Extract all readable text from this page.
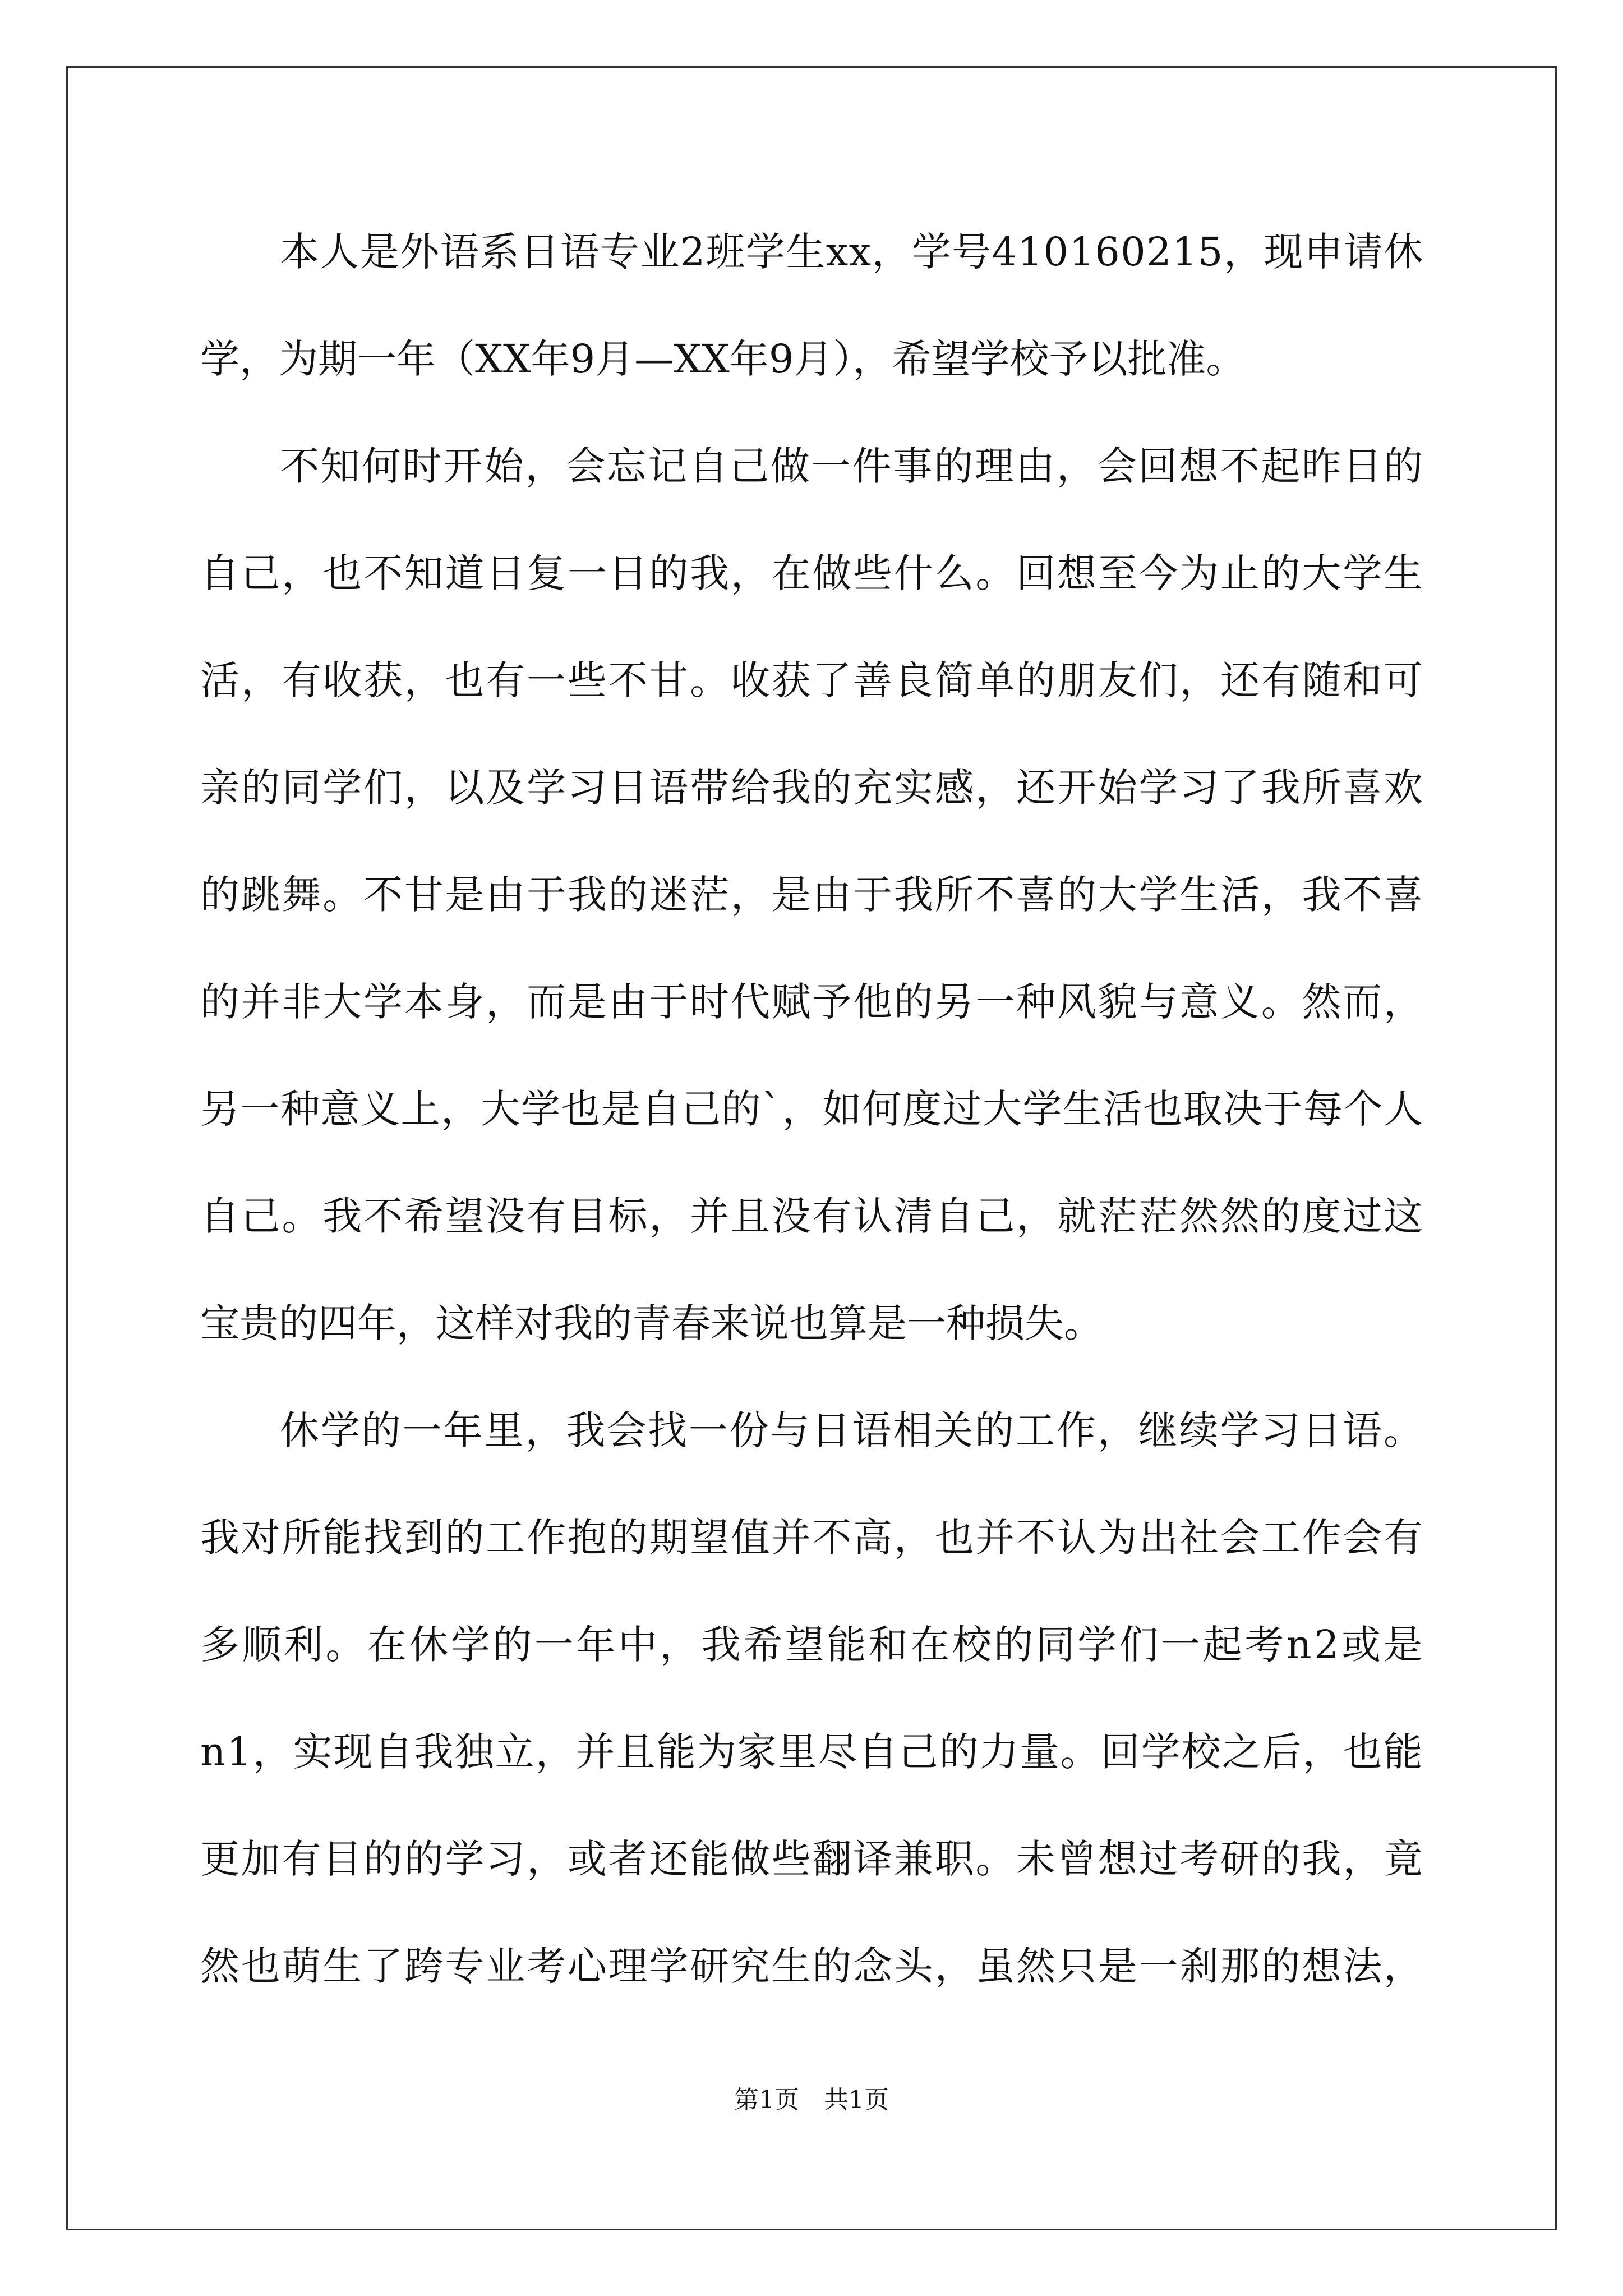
本人是外语系日语专业2班学生xx，学号410160215，现申请休
学，为期一年（XX年9月—XX年9月），希望学校予以批准。
不知何时开始，会忘记自己做一件事的理由，会回想不起昨日的
自己，也不知道日复一日的我，在做些什么。回想至今为止的大学生
活，有收获，也有一些不甘。收获了善良简单的朋友们，还有随和可
亲的同学们，以及学习日语带给我的充实感，还开始学习了我所喜欢
的跳舞。不甘是由于我的迷茫，是由于我所不喜的大学生活，我不喜
的并非大学本身，而是由于时代赋予他的另一种风貌与意义。然而，
另一种意义上，大学也是自己的`，如何度过大学生活也取决于每个人
自己。我不希望没有目标，并且没有认清自己，就茫茫然然的度过这
宝贵的四年，这样对我的青春来说也算是一种损失。
休学的一年里，我会找一份与日语相关的工作，继续学习日语。
我对所能找到的工作抱的期望值并不高，也并不认为出社会工作会有
多顺利。在休学的一年中，我希望能和在校的同学们一起考n2或是
n1，实现自我独立，并且能为家里尽自己的力量。回学校之后，也能
更加有目的的学习，或者还能做些翻译兼职。未曾想过考研的我，竟
然也萌生了跨专业考心理学研究生的念头，虽然只是一刹那的想法，
第1页 共1页
